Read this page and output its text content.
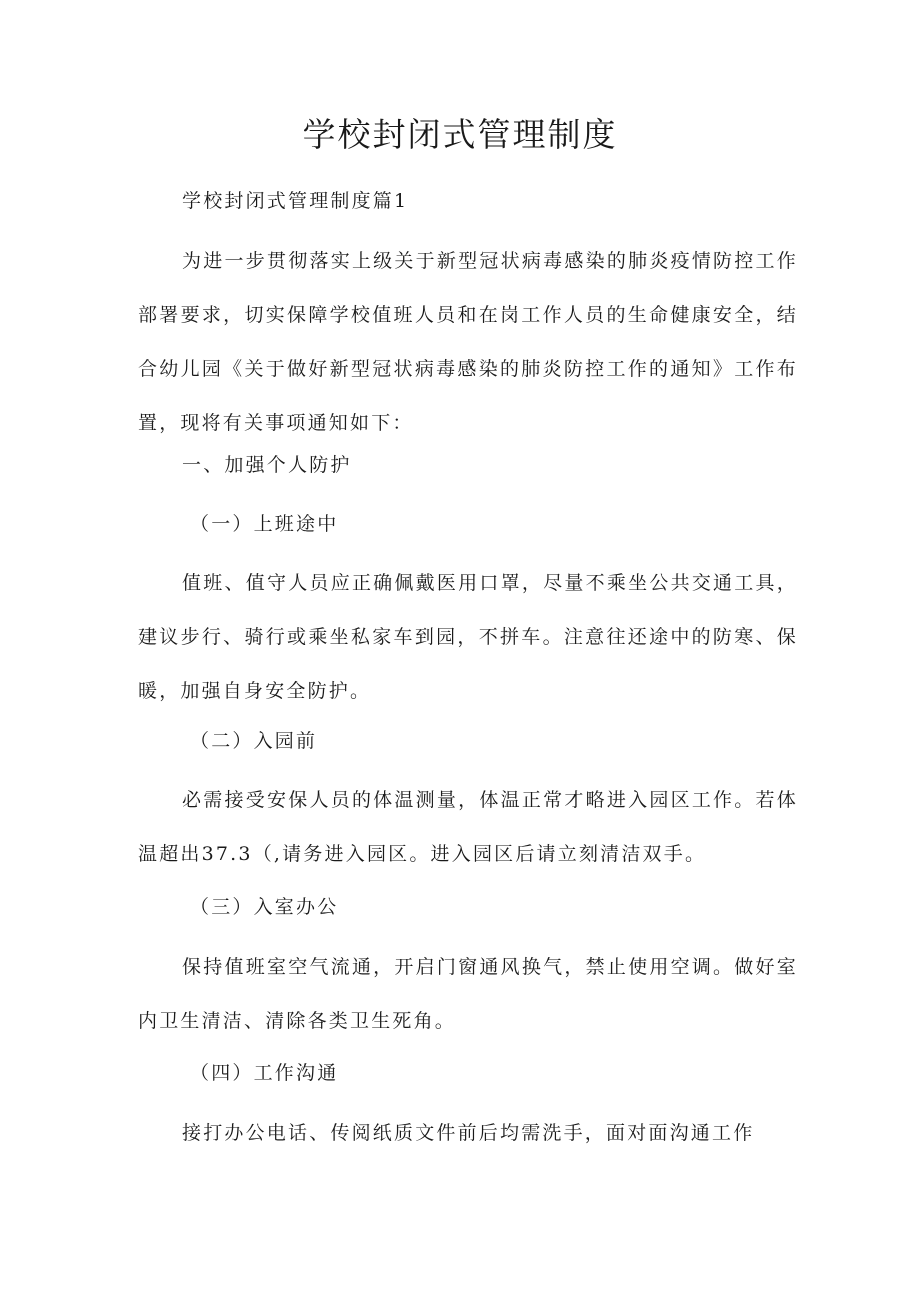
学校封闭式管理制度

学校封闭式管理制度篇1

为进一步贯彻落实上级关于新型冠状病毒感染的肺炎疫情防控工作部署要求，切实保障学校值班人员和在岗工作人员的生命健康安全，结合幼儿园《关于做好新型冠状病毒感染的肺炎防控工作的通知》工作布置，现将有关事项通知如下：

一、加强个人防护

（一）上班途中

值班、值守人员应正确佩戴医用口罩，尽量不乘坐公共交通工具，建议步行、骑行或乘坐私家车到园，不拼车。注意往还途中的防寒、保暖，加强自身安全防护。

（二）入园前

必需接受安保人员的体温测量，体温正常才略进入园区工作。若体温超出37.3（,请务进入园区。进入园区后请立刻清洁双手。

（三）入室办公

保持值班室空气流通，开启门窗通风换气，禁止使用空调。做好室内卫生清洁、清除各类卫生死角。

（四）工作沟通

接打办公电话、传阅纸质文件前后均需洗手，面对面沟通工作
